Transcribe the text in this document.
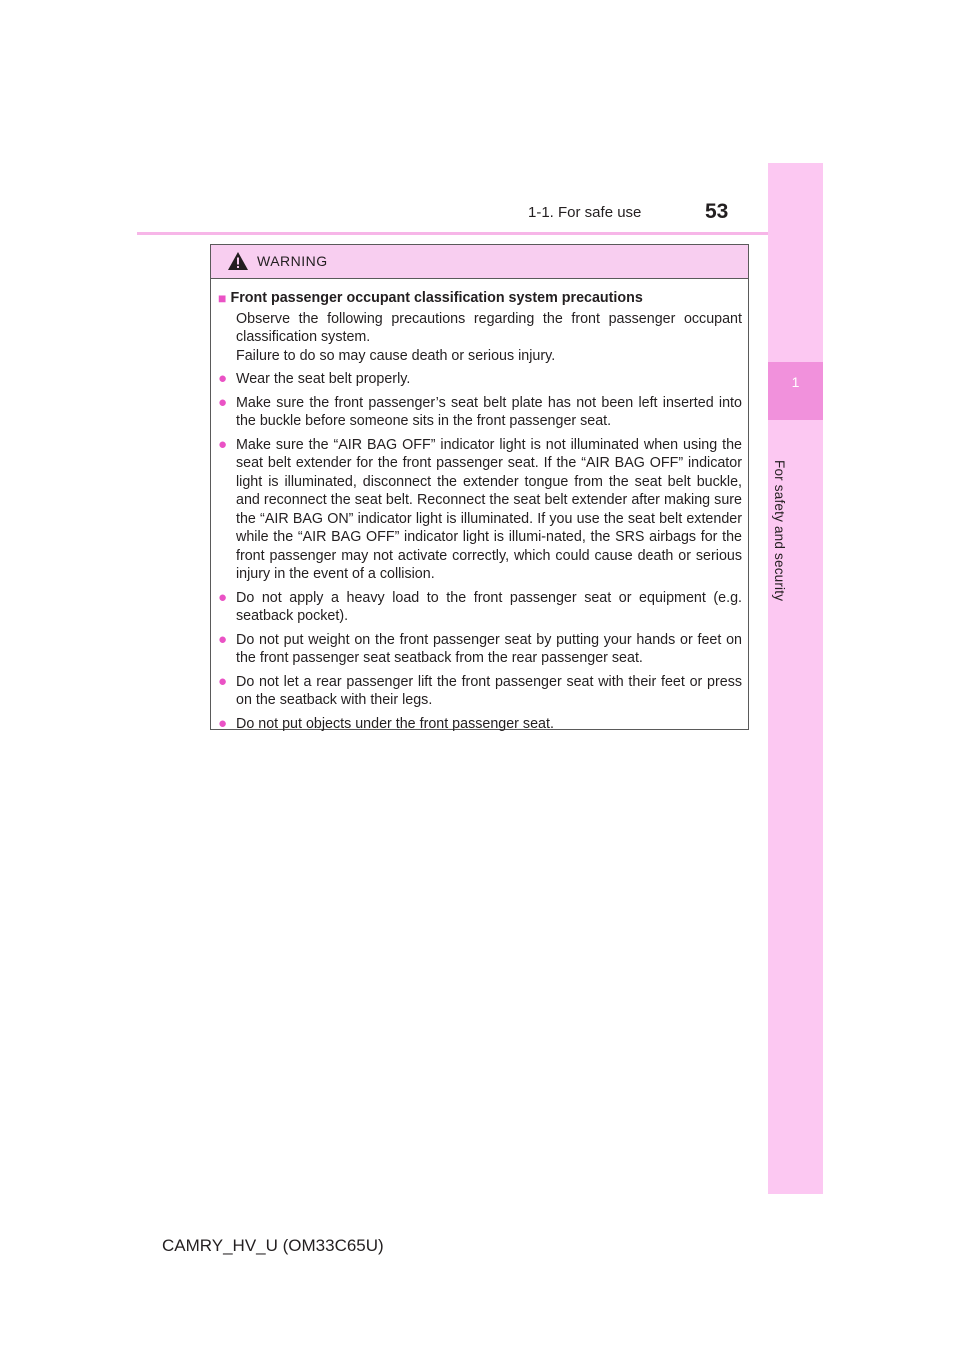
1-1. For safe use	53
1
For safety and security
WARNING
■ Front passenger occupant classification system precautions
Observe the following precautions regarding the front passenger occupant classification system.
Failure to do so may cause death or serious injury.
● Wear the seat belt properly.
● Make sure the front passenger’s seat belt plate has not been left inserted into the buckle before someone sits in the front passenger seat.
● Make sure the “AIR BAG OFF” indicator light is not illuminated when using the seat belt extender for the front passenger seat. If the “AIR BAG OFF” indicator light is illuminated, disconnect the extender tongue from the seat belt buckle, and reconnect the seat belt. Reconnect the seat belt extender after making sure the “AIR BAG ON” indicator light is illuminated. If you use the seat belt extender while the “AIR BAG OFF” indicator light is illumi-nated, the SRS airbags for the front passenger may not activate correctly, which could cause death or serious injury in the event of a collision.
● Do not apply a heavy load to the front passenger seat or equipment (e.g. seatback pocket).
● Do not put weight on the front passenger seat by putting your hands or feet on the front passenger seat seatback from the rear passenger seat.
● Do not let a rear passenger lift the front passenger seat with their feet or press on the seatback with their legs.
● Do not put objects under the front passenger seat.
CAMRY_HV_U (OM33C65U)
